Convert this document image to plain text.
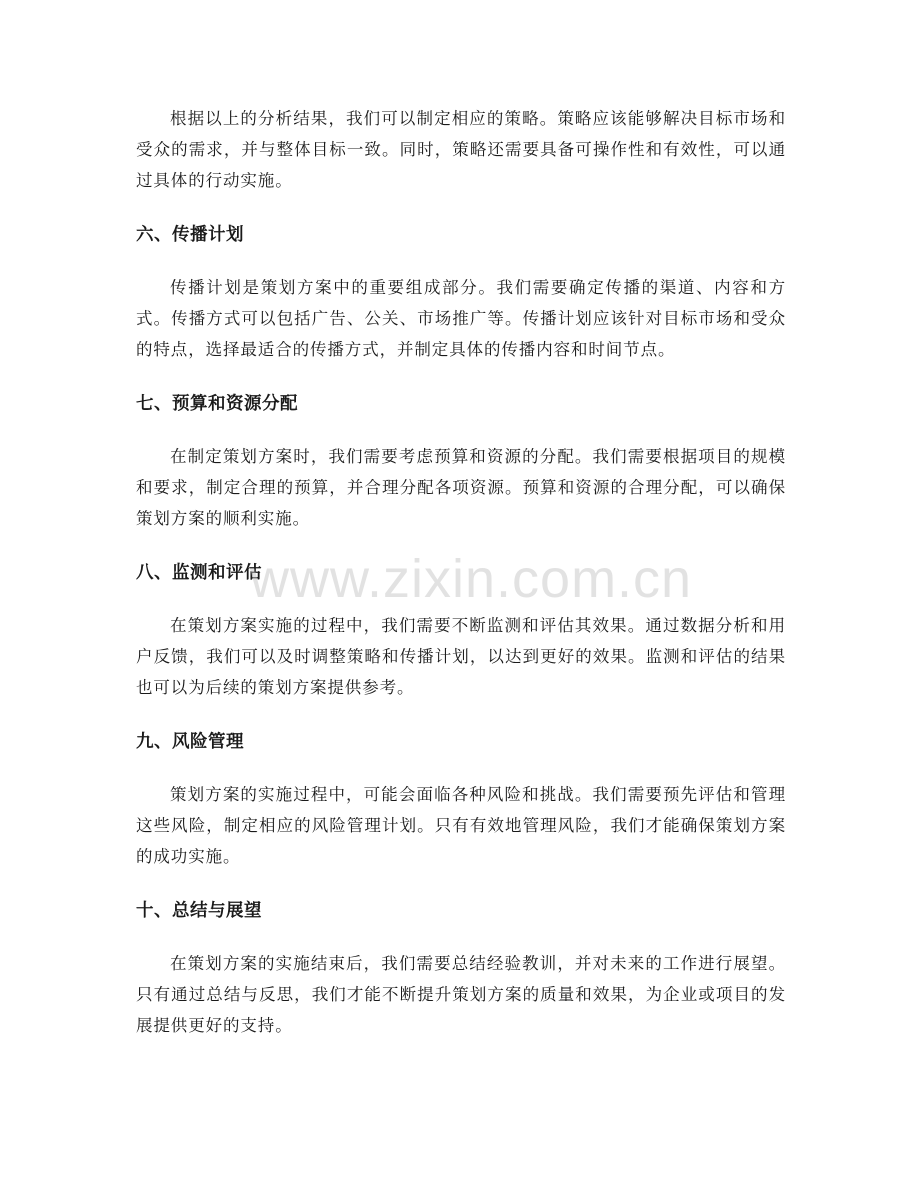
根据以上的分析结果，我们可以制定相应的策略。策略应该能够解决目标市场和受众的需求，并与整体目标一致。同时，策略还需要具备可操作性和有效性，可以通过具体的行动实施。

六、传播计划

传播计划是策划方案中的重要组成部分。我们需要确定传播的渠道、内容和方式。传播方式可以包括广告、公关、市场推广等。传播计划应该针对目标市场和受众的特点，选择最适合的传播方式，并制定具体的传播内容和时间节点。

七、预算和资源分配

在制定策划方案时，我们需要考虑预算和资源的分配。我们需要根据项目的规模和要求，制定合理的预算，并合理分配各项资源。预算和资源的合理分配，可以确保策划方案的顺利实施。

八、监测和评估

在策划方案实施的过程中，我们需要不断监测和评估其效果。通过数据分析和用户反馈，我们可以及时调整策略和传播计划，以达到更好的效果。监测和评估的结果也可以为后续的策划方案提供参考。

九、风险管理

策划方案的实施过程中，可能会面临各种风险和挑战。我们需要预先评估和管理这些风险，制定相应的风险管理计划。只有有效地管理风险，我们才能确保策划方案的成功实施。

十、总结与展望

在策划方案的实施结束后，我们需要总结经验教训，并对未来的工作进行展望。只有通过总结与反思，我们才能不断提升策划方案的质量和效果，为企业或项目的发展提供更好的支持。

www.zixin.com.cn
